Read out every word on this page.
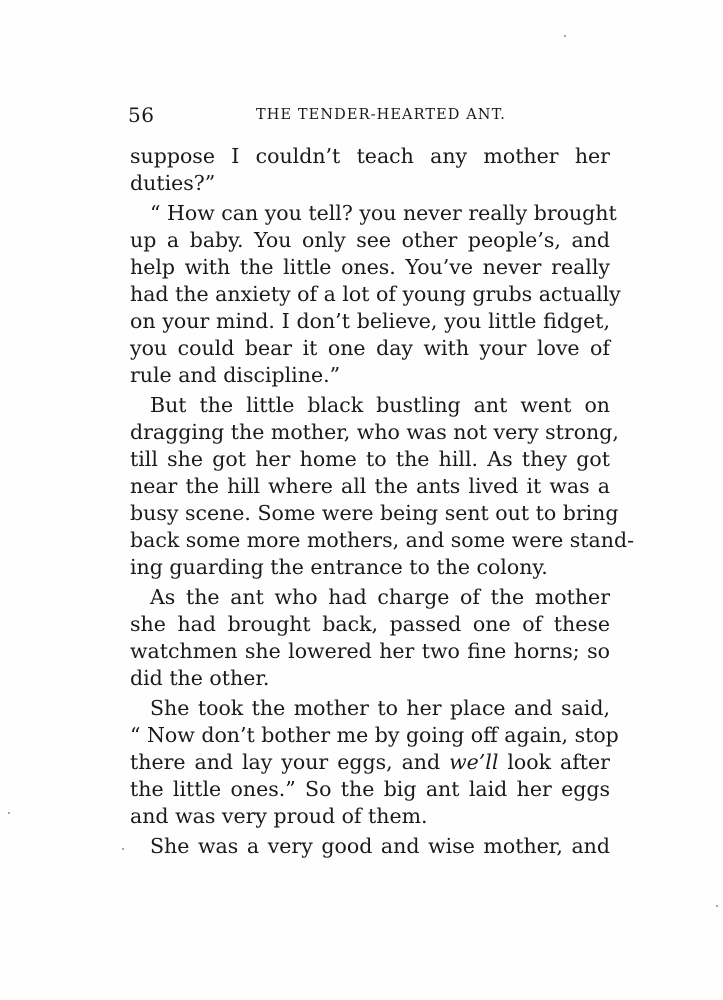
56	THE TENDER-HEARTED ANT.
suppose I couldn’t teach any mother her
duties?”
“ How can you tell? you never really brought
up a baby. You only see other people’s, and
help with the little ones. You’ve never really
had the anxiety of a lot of young grubs actually
on your mind. I don’t believe, you little fidget,
you could bear it one day with your love of
rule and discipline.”
But the little black bustling ant went on
dragging the mother, who was not very strong,
till she got her home to the hill. As they got
near the hill where all the ants lived it was a
busy scene. Some were being sent out to bring
back some more mothers, and some were stand-
ing guarding the entrance to the colony.
As the ant who had charge of the mother
she had brought back, passed one of these
watchmen she lowered her two fine horns; so
did the other.
She took the mother to her place and said,
“ Now don’t bother me by going off again, stop
there and lay your eggs, and we’ll look after
the little ones.” So the big ant laid her eggs
and was very proud of them.
She was a very good and wise mother, and
